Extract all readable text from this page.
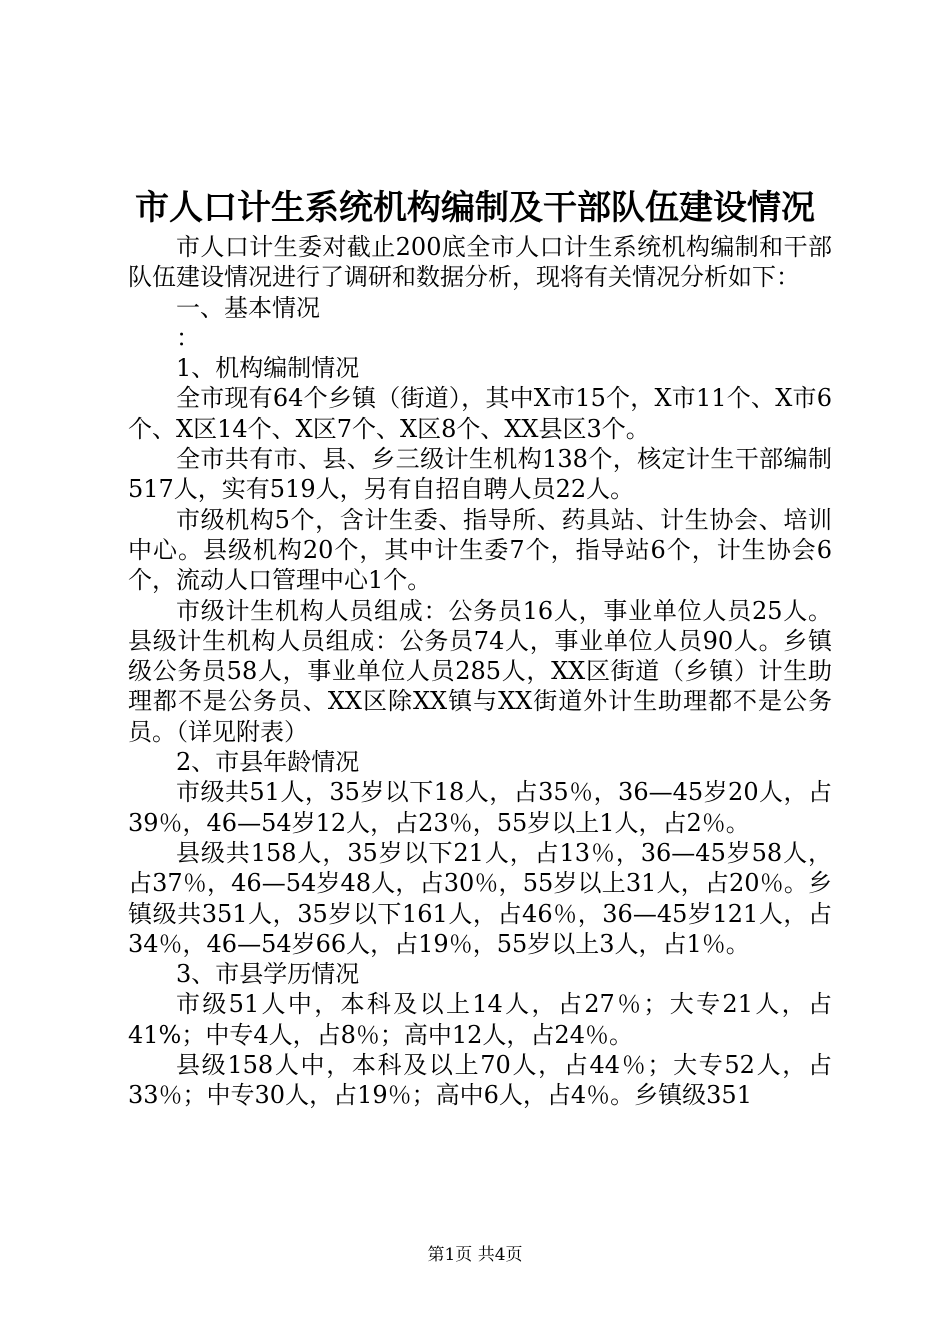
市人口计生系统机构编制及干部队伍建设情况

市人口计生委对截止200底全市人口计生系统机构编制和干部队伍建设情况进行了调研和数据分析，现将有关情况分析如下：

一、基本情况

：

1、机构编制情况

全市现有64个乡镇（街道），其中X市15个，X市11个、X市6个、X区14个、X区7个、X区8个、XX县区3个。

全市共有市、县、乡三级计生机构138个，核定计生干部编制517人，实有519人，另有自招自聘人员22人。

市级机构5个，含计生委、指导所、药具站、计生协会、培训中心。县级机构20个，其中计生委7个，指导站6个，计生协会6个，流动人口管理中心1个。

市级计生机构人员组成：公务员16人，事业单位人员25人。县级计生机构人员组成：公务员74人，事业单位人员90人。乡镇级公务员58人，事业单位人员285人，XX区街道（乡镇）计生助理都不是公务员、XX区除XX镇与XX街道外计生助理都不是公务员。（详见附表）

2、市县年龄情况

市级共51人，35岁以下18人，占35％，36—45岁20人，占39％，46—54岁12人，占23％，55岁以上1人，占2％。

县级共158人，35岁以下21人，占13％，36—45岁58人，占37％，46—54岁48人，占30％，55岁以上31人，占20％。乡镇级共351人，35岁以下161人，占46％，36—45岁121人，占34％，46—54岁66人，占19％，55岁以上3人，占1％。

3、市县学历情况

市级51人中，本科及以上14人，占27％；大专21人，占41%；中专4人，占8％；高中12人，占24％。

县级158人中，本科及以上70人，占44％；大专52人，占33％；中专30人，占19％；高中6人，占4％。乡镇级351

第1页 共4页
